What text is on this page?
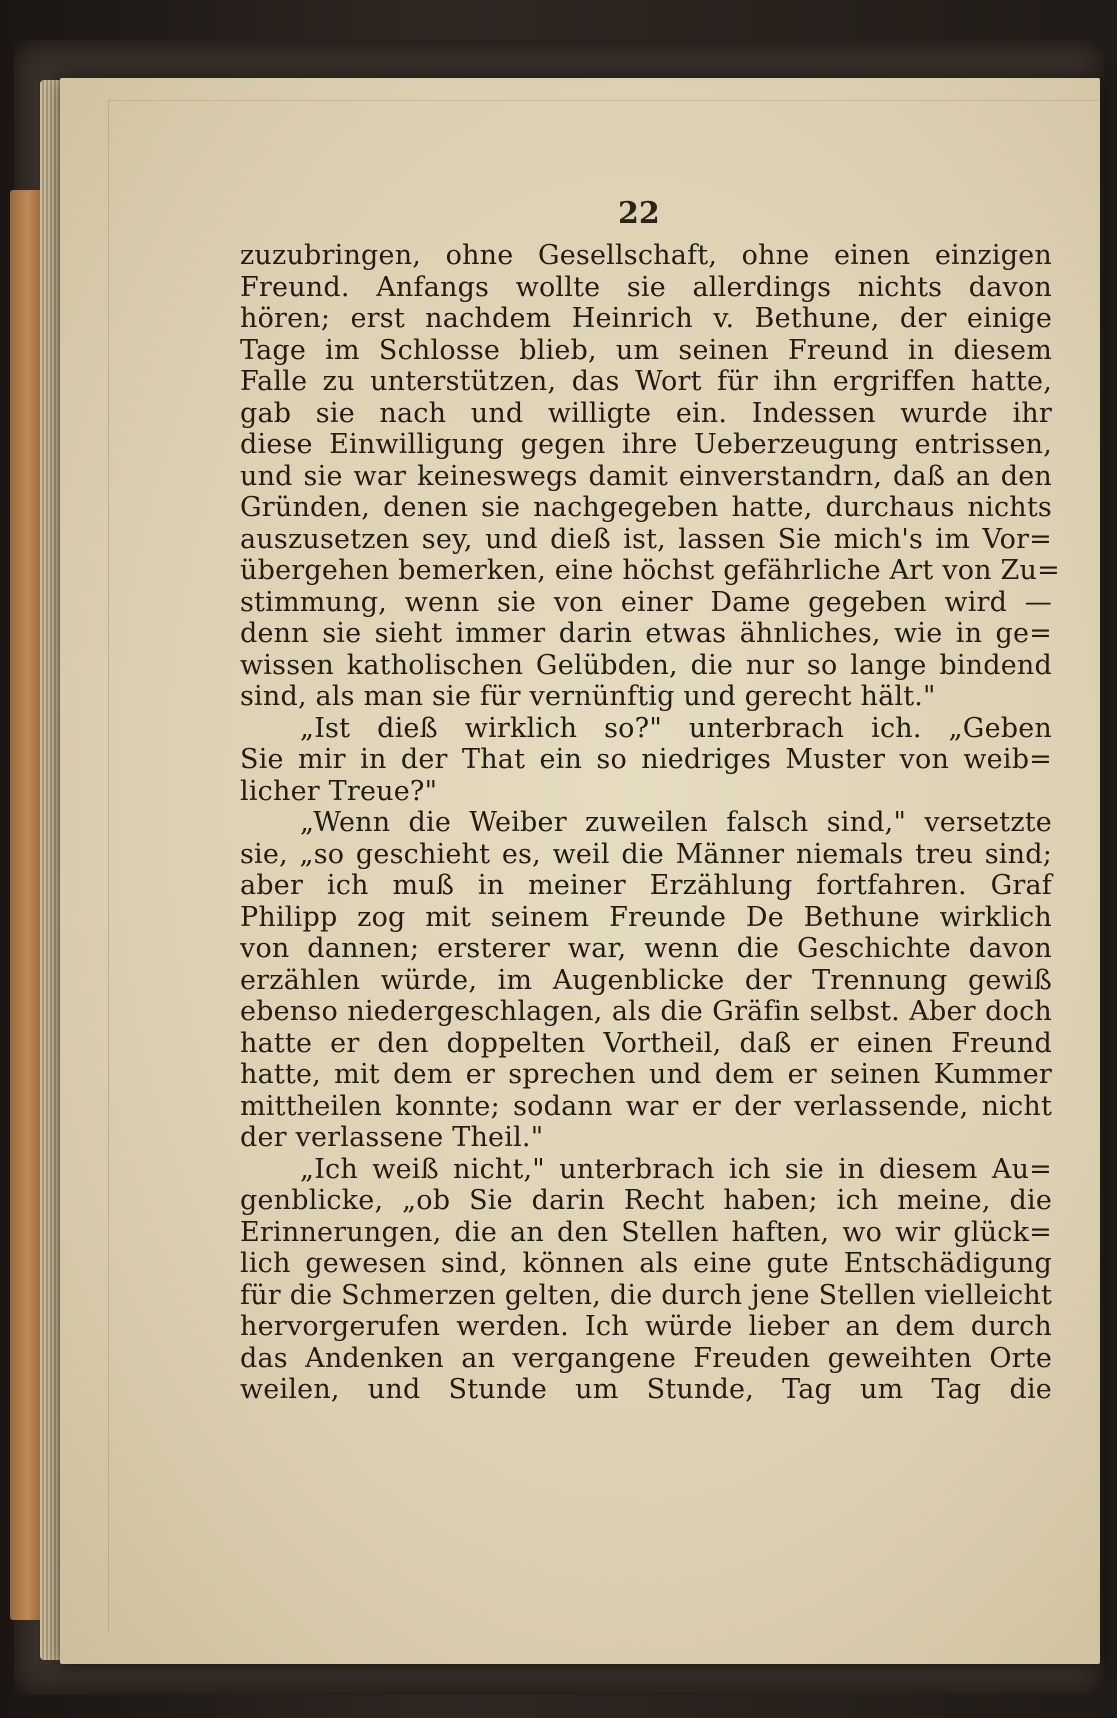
22
zuzubringen, ohne Gesellschaft, ohne einen einzigen
Freund. Anfangs wollte sie allerdings nichts davon
hören; erst nachdem Heinrich v. Bethune, der einige
Tage im Schlosse blieb, um seinen Freund in diesem
Falle zu unterstützen, das Wort für ihn ergriffen hatte,
gab sie nach und willigte ein. Indessen wurde ihr
diese Einwilligung gegen ihre Ueberzeugung entrissen,
und sie war keineswegs damit einverstandrn, daß an den
Gründen, denen sie nachgegeben hatte, durchaus nichts
auszusetzen sey, und dieß ist, lassen Sie mich's im Vor=
übergehen bemerken, eine höchst gefährliche Art von Zu=
stimmung, wenn sie von einer Dame gegeben wird —
denn sie sieht immer darin etwas ähnliches, wie in ge=
wissen katholischen Gelübden, die nur so lange bindend
sind, als man sie für vernünftig und gerecht hält."
„Ist dieß wirklich so?" unterbrach ich. „Geben
Sie mir in der That ein so niedriges Muster von weib=
licher Treue?"
„Wenn die Weiber zuweilen falsch sind," versetzte
sie, „so geschieht es, weil die Männer niemals treu sind;
aber ich muß in meiner Erzählung fortfahren. Graf
Philipp zog mit seinem Freunde De Bethune wirklich
von dannen; ersterer war, wenn die Geschichte davon
erzählen würde, im Augenblicke der Trennung gewiß
ebenso niedergeschlagen, als die Gräfin selbst. Aber doch
hatte er den doppelten Vortheil, daß er einen Freund
hatte, mit dem er sprechen und dem er seinen Kummer
mittheilen konnte; sodann war er der verlassende, nicht
der verlassene Theil."
„Ich weiß nicht," unterbrach ich sie in diesem Au=
genblicke, „ob Sie darin Recht haben; ich meine, die
Erinnerungen, die an den Stellen haften, wo wir glück=
lich gewesen sind, können als eine gute Entschädigung
für die Schmerzen gelten, die durch jene Stellen vielleicht
hervorgerufen werden. Ich würde lieber an dem durch
das Andenken an vergangene Freuden geweihten Orte
weilen, und Stunde um Stunde, Tag um Tag die
